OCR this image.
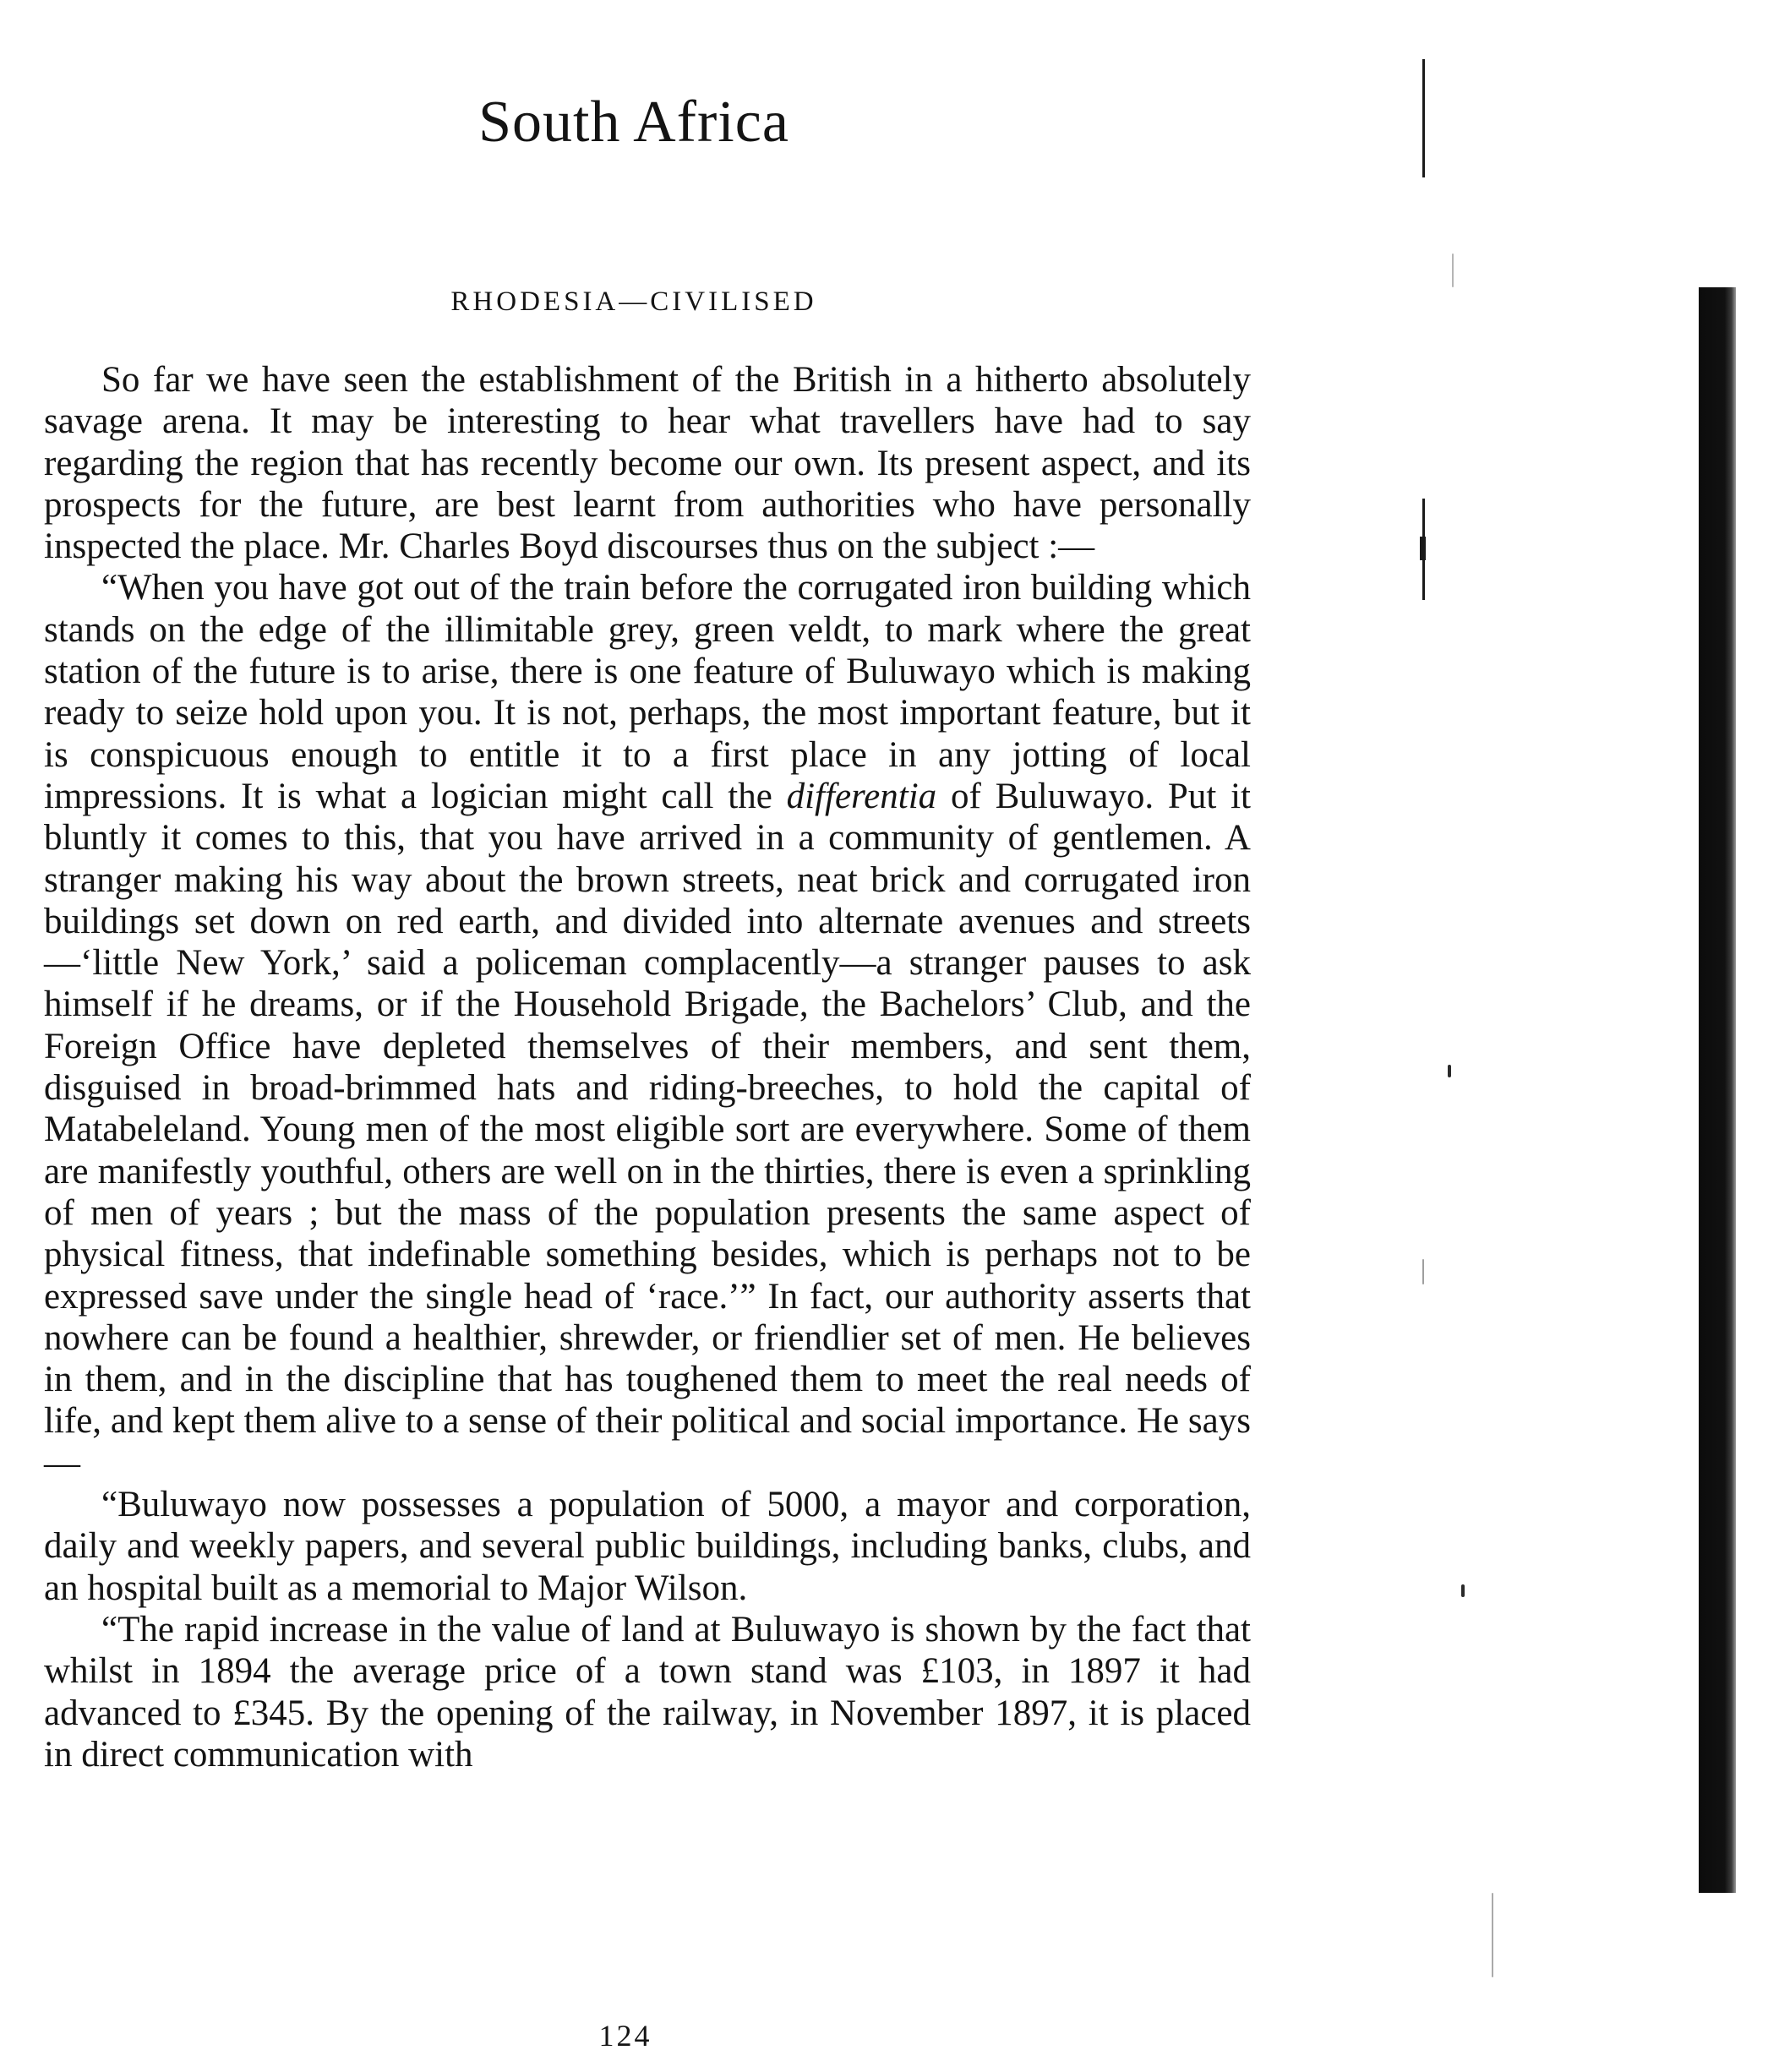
South Africa
RHODESIA—CIVILISED

So far we have seen the establishment of the British in a hitherto absolutely savage arena. It may be interesting to hear what travellers have had to say regarding the region that has recently become our own. Its present aspect, and its prospects for the future, are best learnt from authorities who have personally inspected the place. Mr. Charles Boyd discourses thus on the subject :—

“When you have got out of the train before the corrugated iron building which stands on the edge of the illimitable grey, green veldt, to mark where the great station of the future is to arise, there is one feature of Buluwayo which is making ready to seize hold upon you. It is not, perhaps, the most important feature, but it is conspicuous enough to entitle it to a first place in any jotting of local impressions. It is what a logician might call the differentia of Buluwayo. Put it bluntly it comes to this, that you have arrived in a community of gentlemen. A stranger making his way about the brown streets, neat brick and corrugated iron buildings set down on red earth, and divided into alternate avenues and streets—‘little New York,’ said a policeman complacently—a stranger pauses to ask himself if he dreams, or if the Household Brigade, the Bachelors’ Club, and the Foreign Office have depleted themselves of their members, and sent them, disguised in broad-brimmed hats and riding-breeches, to hold the capital of Matabeleland. Young men of the most eligible sort are everywhere. Some of them are manifestly youthful, others are well on in the thirties, there is even a sprinkling of men of years ; but the mass of the population presents the same aspect of physical fitness, that indefinable something besides, which is perhaps not to be expressed save under the single head of ‘race.’” In fact, our authority asserts that nowhere can be found a healthier, shrewder, or friendlier set of men. He believes in them, and in the discipline that has toughened them to meet the real needs of life, and kept them alive to a sense of their political and social importance. He says—

“Buluwayo now possesses a population of 5000, a mayor and corporation, daily and weekly papers, and several public buildings, including banks, clubs, and an hospital built as a memorial to Major Wilson.

“The rapid increase in the value of land at Buluwayo is shown by the fact that whilst in 1894 the average price of a town stand was £103, in 1897 it had advanced to £345. By the opening of the railway, in November 1897, it is placed in direct communication with

124
